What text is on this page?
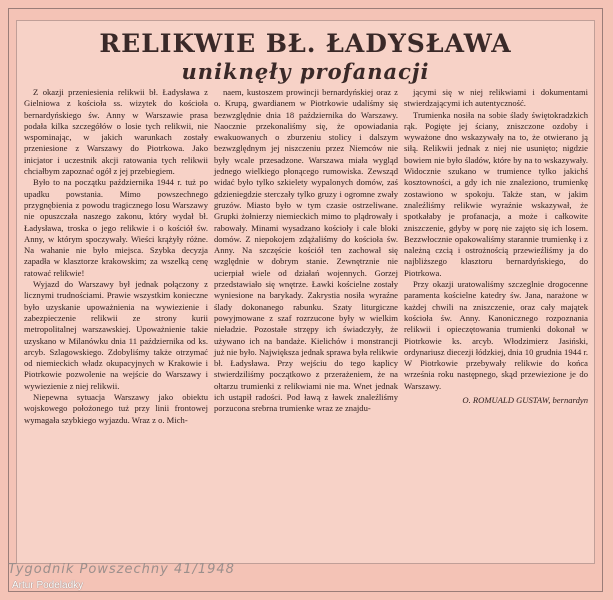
RELIKWIE BŁ. ŁADYSŁAWA
uniknęły profanacji

Z okazji przeniesienia relikwii bł. Ładysława z Gielniowa z kościoła ss. wizytek do kościoła bernardyńskiego św. Anny w Warszawie prasa podała kilka szczegółów o losie tych relikwii, nie wspominając, w jakich warunkach zostały przeniesione z Warszawy do Piotrkowa. Jako inicjator i uczestnik akcji ratowania tych relikwii chciałbym zapoznać ogół z jej przebiegiem.

Było to na początku października 1944 r. tuż po upadku powstania. Mimo powszechnego przygnębienia z powodu tragicznego losu Warszawy nie opuszczała naszego zakonu, który wydał bł. Ładysława, troska o jego relikwie i o kościół św. Anny, w którym spoczywały. Wieści krążyły różne. Na wahanie nie było miejsca. Szybka decyzja zapadła w klasztorze krakowskim; za wszelką cenę ratować relikwie!

Wyjazd do Warszawy był jednak połączony z licznymi trudnościami. Prawie wszystkim konieczne było uzyskanie upoważnienia na wywiezienie i zabezpieczenie relikwii ze strony kurii metropolitalnej warszawskiej. Upoważnienie takie uzyskano w Milanówku dnia 11 października od ks. arcyb. Szlagowskiego. Zdobyliśmy także otrzymać od niemieckich władz okupacyjnych w Krakowie i Piotrkowie pozwolenie na wejście do Warszawy i wywiezienie z niej relikwii.

Niepewna sytuacja Warszawy jako obiektu wojskowego położonego tuż przy linii frontowej wymagała szybkiego wyjazdu. Wraz z o. Mich-

naem, kustoszem prowincji bernardyńskiej oraz z o. Krupą, gwardianem w Piotrkowie udaliśmy się bezwzględnie dnia 18 października do Warszawy. Naocznie przekonaliśmy się, że opowiadania ewakuowanych o zburzeniu stolicy i dalszym bezwzględnym jej niszczeniu przez Niemców nie były wcale przesadzone. Warszawa miała wygląd jednego wielkiego płonącego rumowiska. Zewsząd widać było tylko szkielety wypalonych domów, zaś gdzieniegdzie sterczały tylko gruzy i ogromne zwały gruzów. Miasto było w tym czasie ostrzeliwane. Grupki żołnierzy niemieckich mimo to plądrowały i rabowały. Minami wysadzano kościoły i cale bloki domów. Z niepokojem zdążaliśmy do kościoła św. Anny. Na szczęście kościół ten zachował się względnie w dobrym stanie. Zewnętrznie nie ucierpiał wiele od działań wojennych. Gorzej przedstawiało się wnętrze. Ławki kościelne zostały wyniesione na barykady. Zakrystia nosiła wyraźne ślady dokonanego rabunku. Szaty liturgiczne powyjmowane z szaf rozrzucone były w wielkim nieładzie. Pozostałe strzępy ich świadczyły, że używano ich na bandaże. Kielichów i monstrancji już nie było. Największa jednak sprawa była relikwie bł. Ładysława. Przy wejściu do tego kaplicy stwierdziliśmy początkowo z przerażeniem, że na ołtarzu trumienki z relikwiami nie ma. Wnet jednak ich ustąpił radości. Pod ławą z ławek znaleźliśmy porzucona srebrna trumienke wraz ze znajdu-

jącymi się w niej relikwiami i dokumentami stwierdzającymi ich autentyczność.

Trumienka nosiła na sobie ślady świętokradzkich rąk. Pogięte jej ściany, zniszczone ozdoby i wyważone dno wskazywały na to, że otwierano ją siłą. Relikwii jednak z niej nie usunięto; nigdzie bowiem nie było śladów, które by na to wskazywały. Widocznie szukano w trumience tylko jakichś kosztowności, a gdy ich nie znaleziono, trumienkę zostawiono w spokoju. Także stan, w jakim znaleźliśmy relikwie wyraźnie wskazywał, że spotkałaby je profanacja, a może i całkowite zniszczenie, gdyby w porę nie zajęto się ich losem. Bezzwłocznie opakowaliśmy starannie trumienkę i z należną czcią i ostrożnością przewieźliśmy ja do najbliższego klasztoru bernardyńskiego, do Piotrkowa.

Przy okazji uratowaliśmy szczeglnie drogocenne paramenta kościelne katedry św. Jana, narażone w każdej chwili na zniszczenie, oraz cały majątek kościoła św. Anny. Kanonicznego rozpoznania relikwii i opieczętowania trumienki dokonał w Piotrkowie ks. arcyb. Włodzimierz Jasiński, ordynariusz diecezji łódzkiej, dnia 10 grudnia 1944 r. W Piotrkowie przebywały relikwie do końca września roku następnego, skąd przewiezione je do Warszawy.

O. ROMUALD GUSTAW, bernardyn
Tygodnik Powszechny 41/1948
Artur Podeladky
